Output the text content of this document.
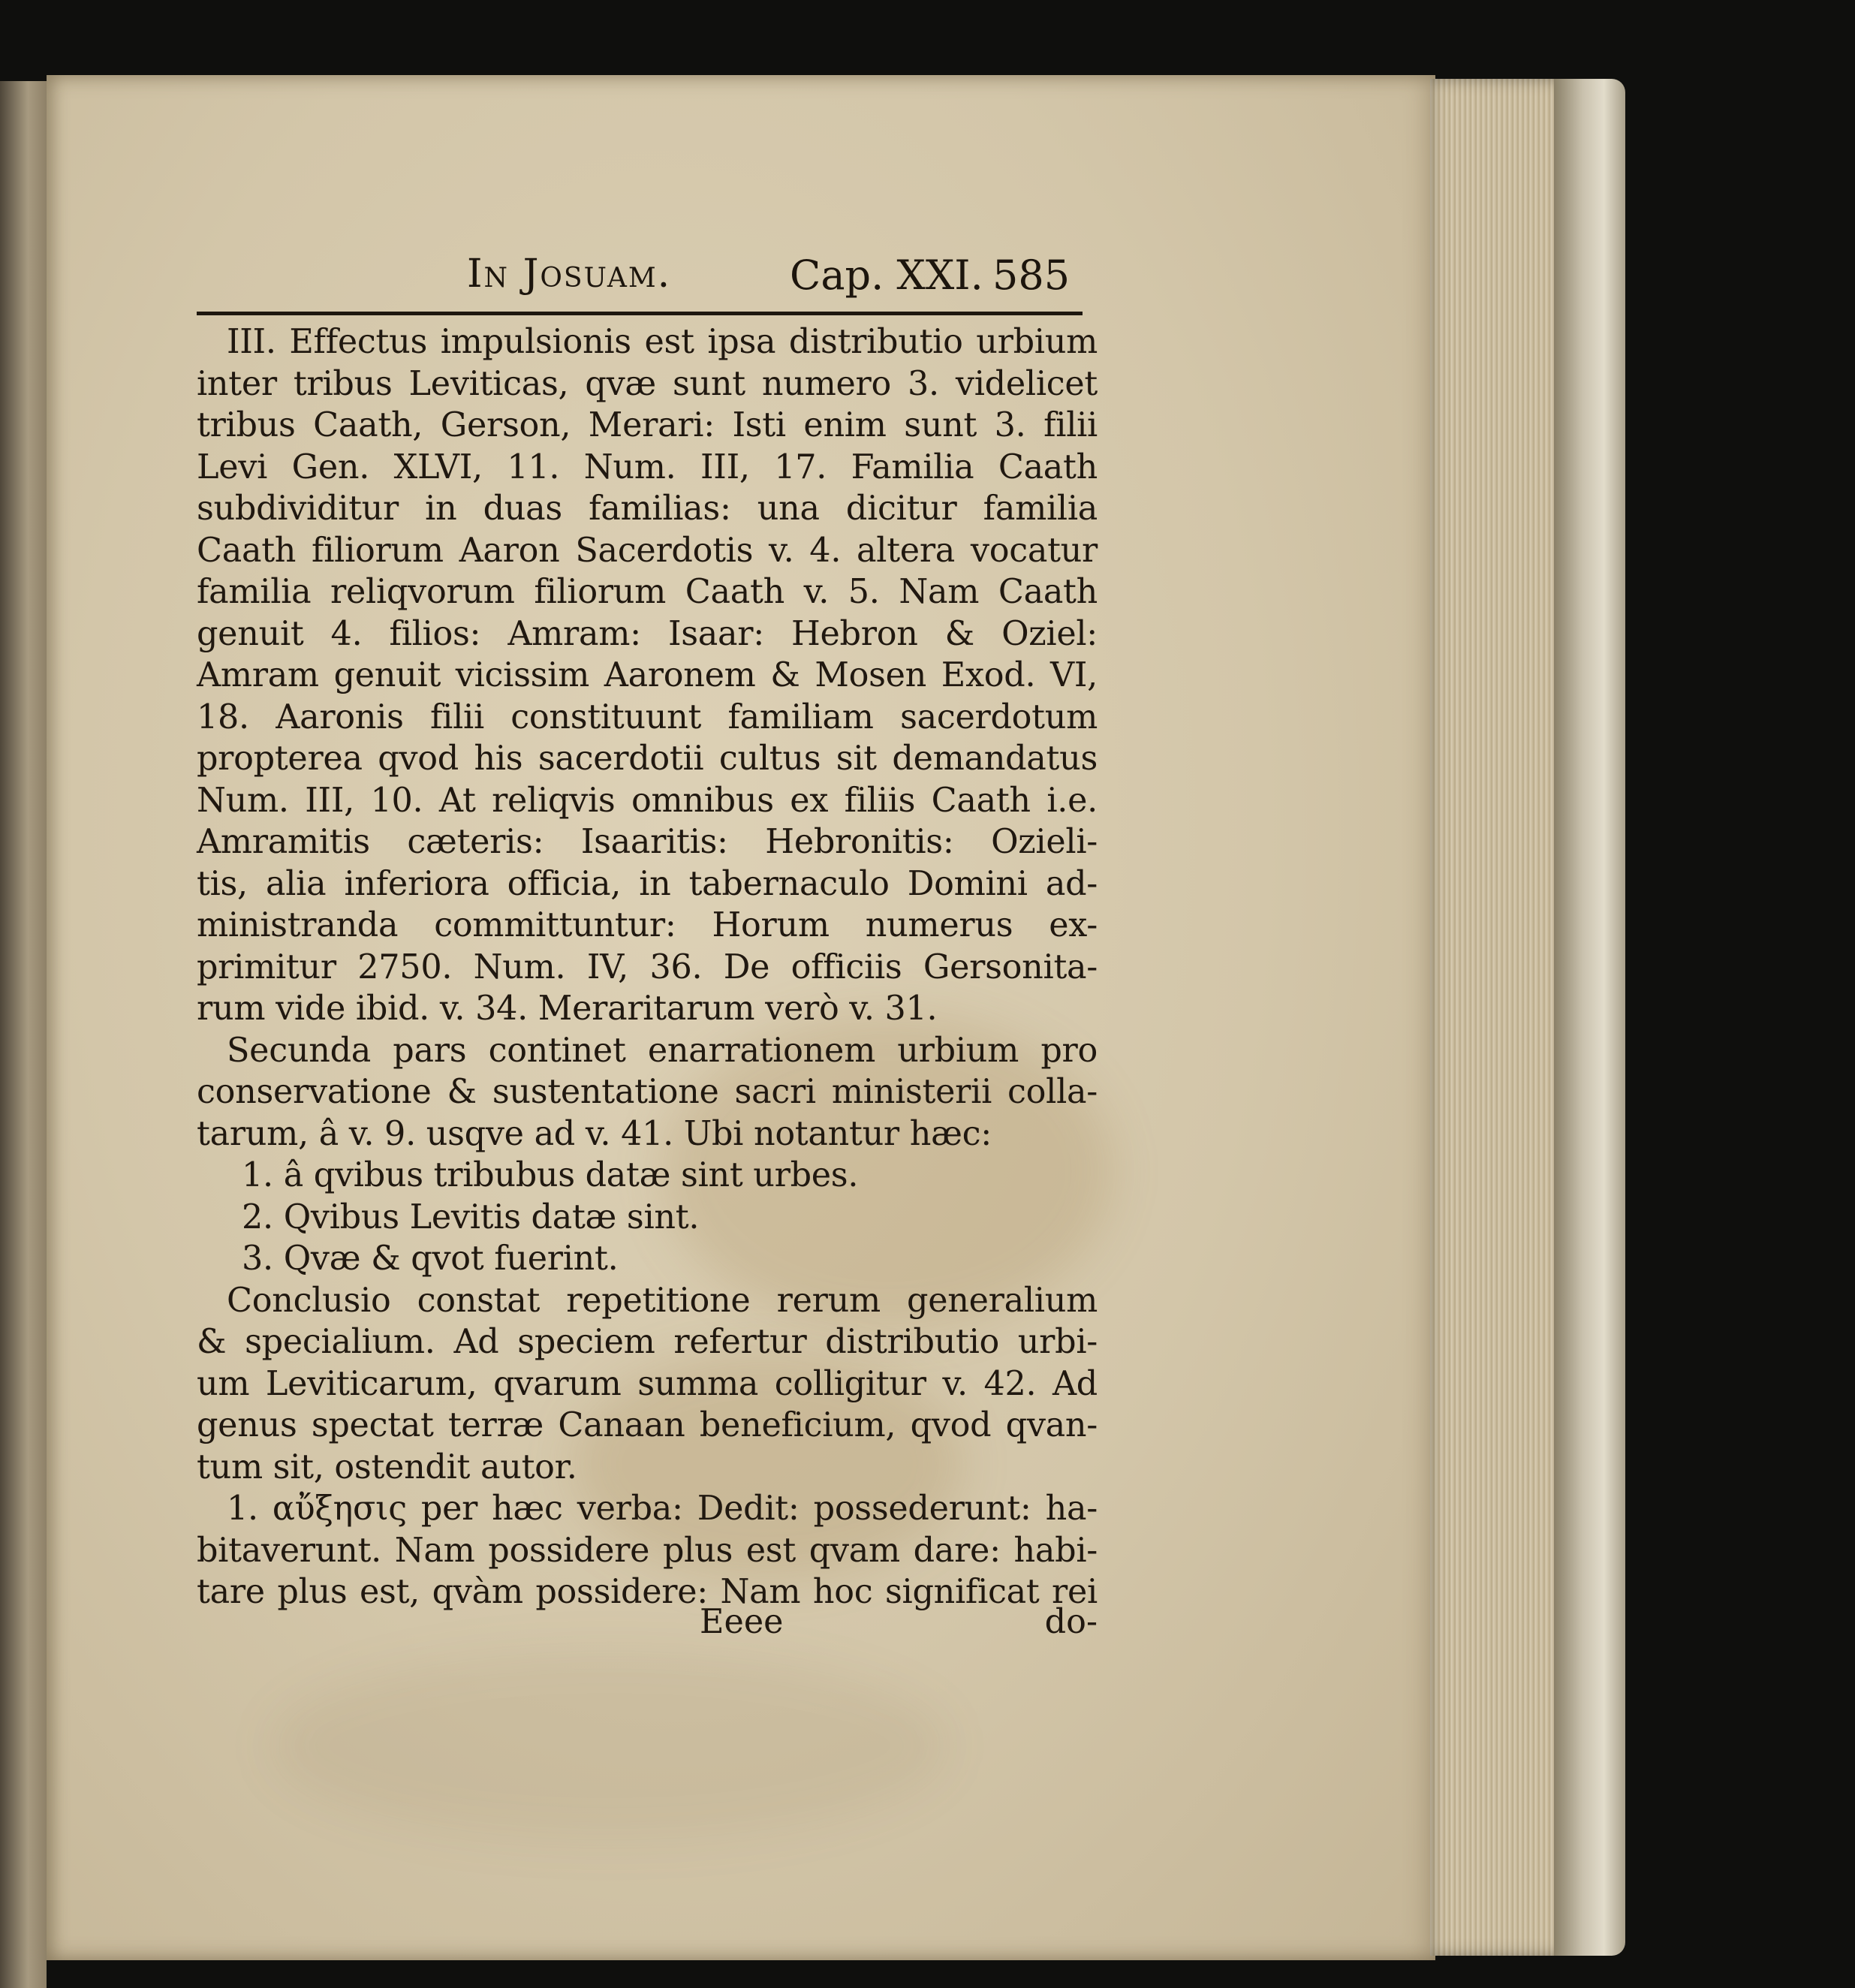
In Josuam.	Cap. XXI. 585
III. Effectus impulsionis est ipsa distributio urbium
inter tribus Leviticas, qvæ sunt numero 3. videlicet
tribus Caath, Gerson, Merari: Isti enim sunt 3. filii
Levi Gen. XLVI, 11. Num. III, 17. Familia Caath
subdividitur in duas familias: una dicitur familia
Caath filiorum Aaron Sacerdotis v. 4. altera vocatur
familia reliqvorum filiorum Caath v. 5. Nam Caath
genuit 4. filios: Amram: Isaar: Hebron & Oziel:
Amram genuit vicissim Aaronem & Mosen Exod. VI,
18. Aaronis filii constituunt familiam sacerdotum
propterea qvod his sacerdotii cultus sit demandatus
Num. III, 10. At reliqvis omnibus ex filiis Caath i.e.
Amramitis cæteris: Isaaritis: Hebronitis: Ozieli-
tis, alia inferiora officia, in tabernaculo Domini ad-
ministranda committuntur: Horum numerus ex-
primitur 2750. Num. IV, 36. De officiis Gersonita-
rum vide ibid. v. 34. Meraritarum verò v. 31.
Secunda pars continet enarrationem urbium pro
conservatione & sustentatione sacri ministerii colla-
tarum, â v. 9. usqve ad v. 41. Ubi notantur hæc:
1. â qvibus tribubus datæ sint urbes.
2. Qvibus Levitis datæ sint.
3. Qvæ & qvot fuerint.
Conclusio constat repetitione rerum generalium
& specialium. Ad speciem refertur distributio urbi-
um Leviticarum, qvarum summa colligitur v. 42. Ad
genus spectat terræ Canaan beneficium, qvod qvan-
tum sit, ostendit autor.
1. αὔξησις per hæc verba: Dedit: possederunt: ha-
bitaverunt. Nam possidere plus est qvam dare: habi-
tare plus est, qvàm possidere: Nam hoc significat rei
Eeee	do-
